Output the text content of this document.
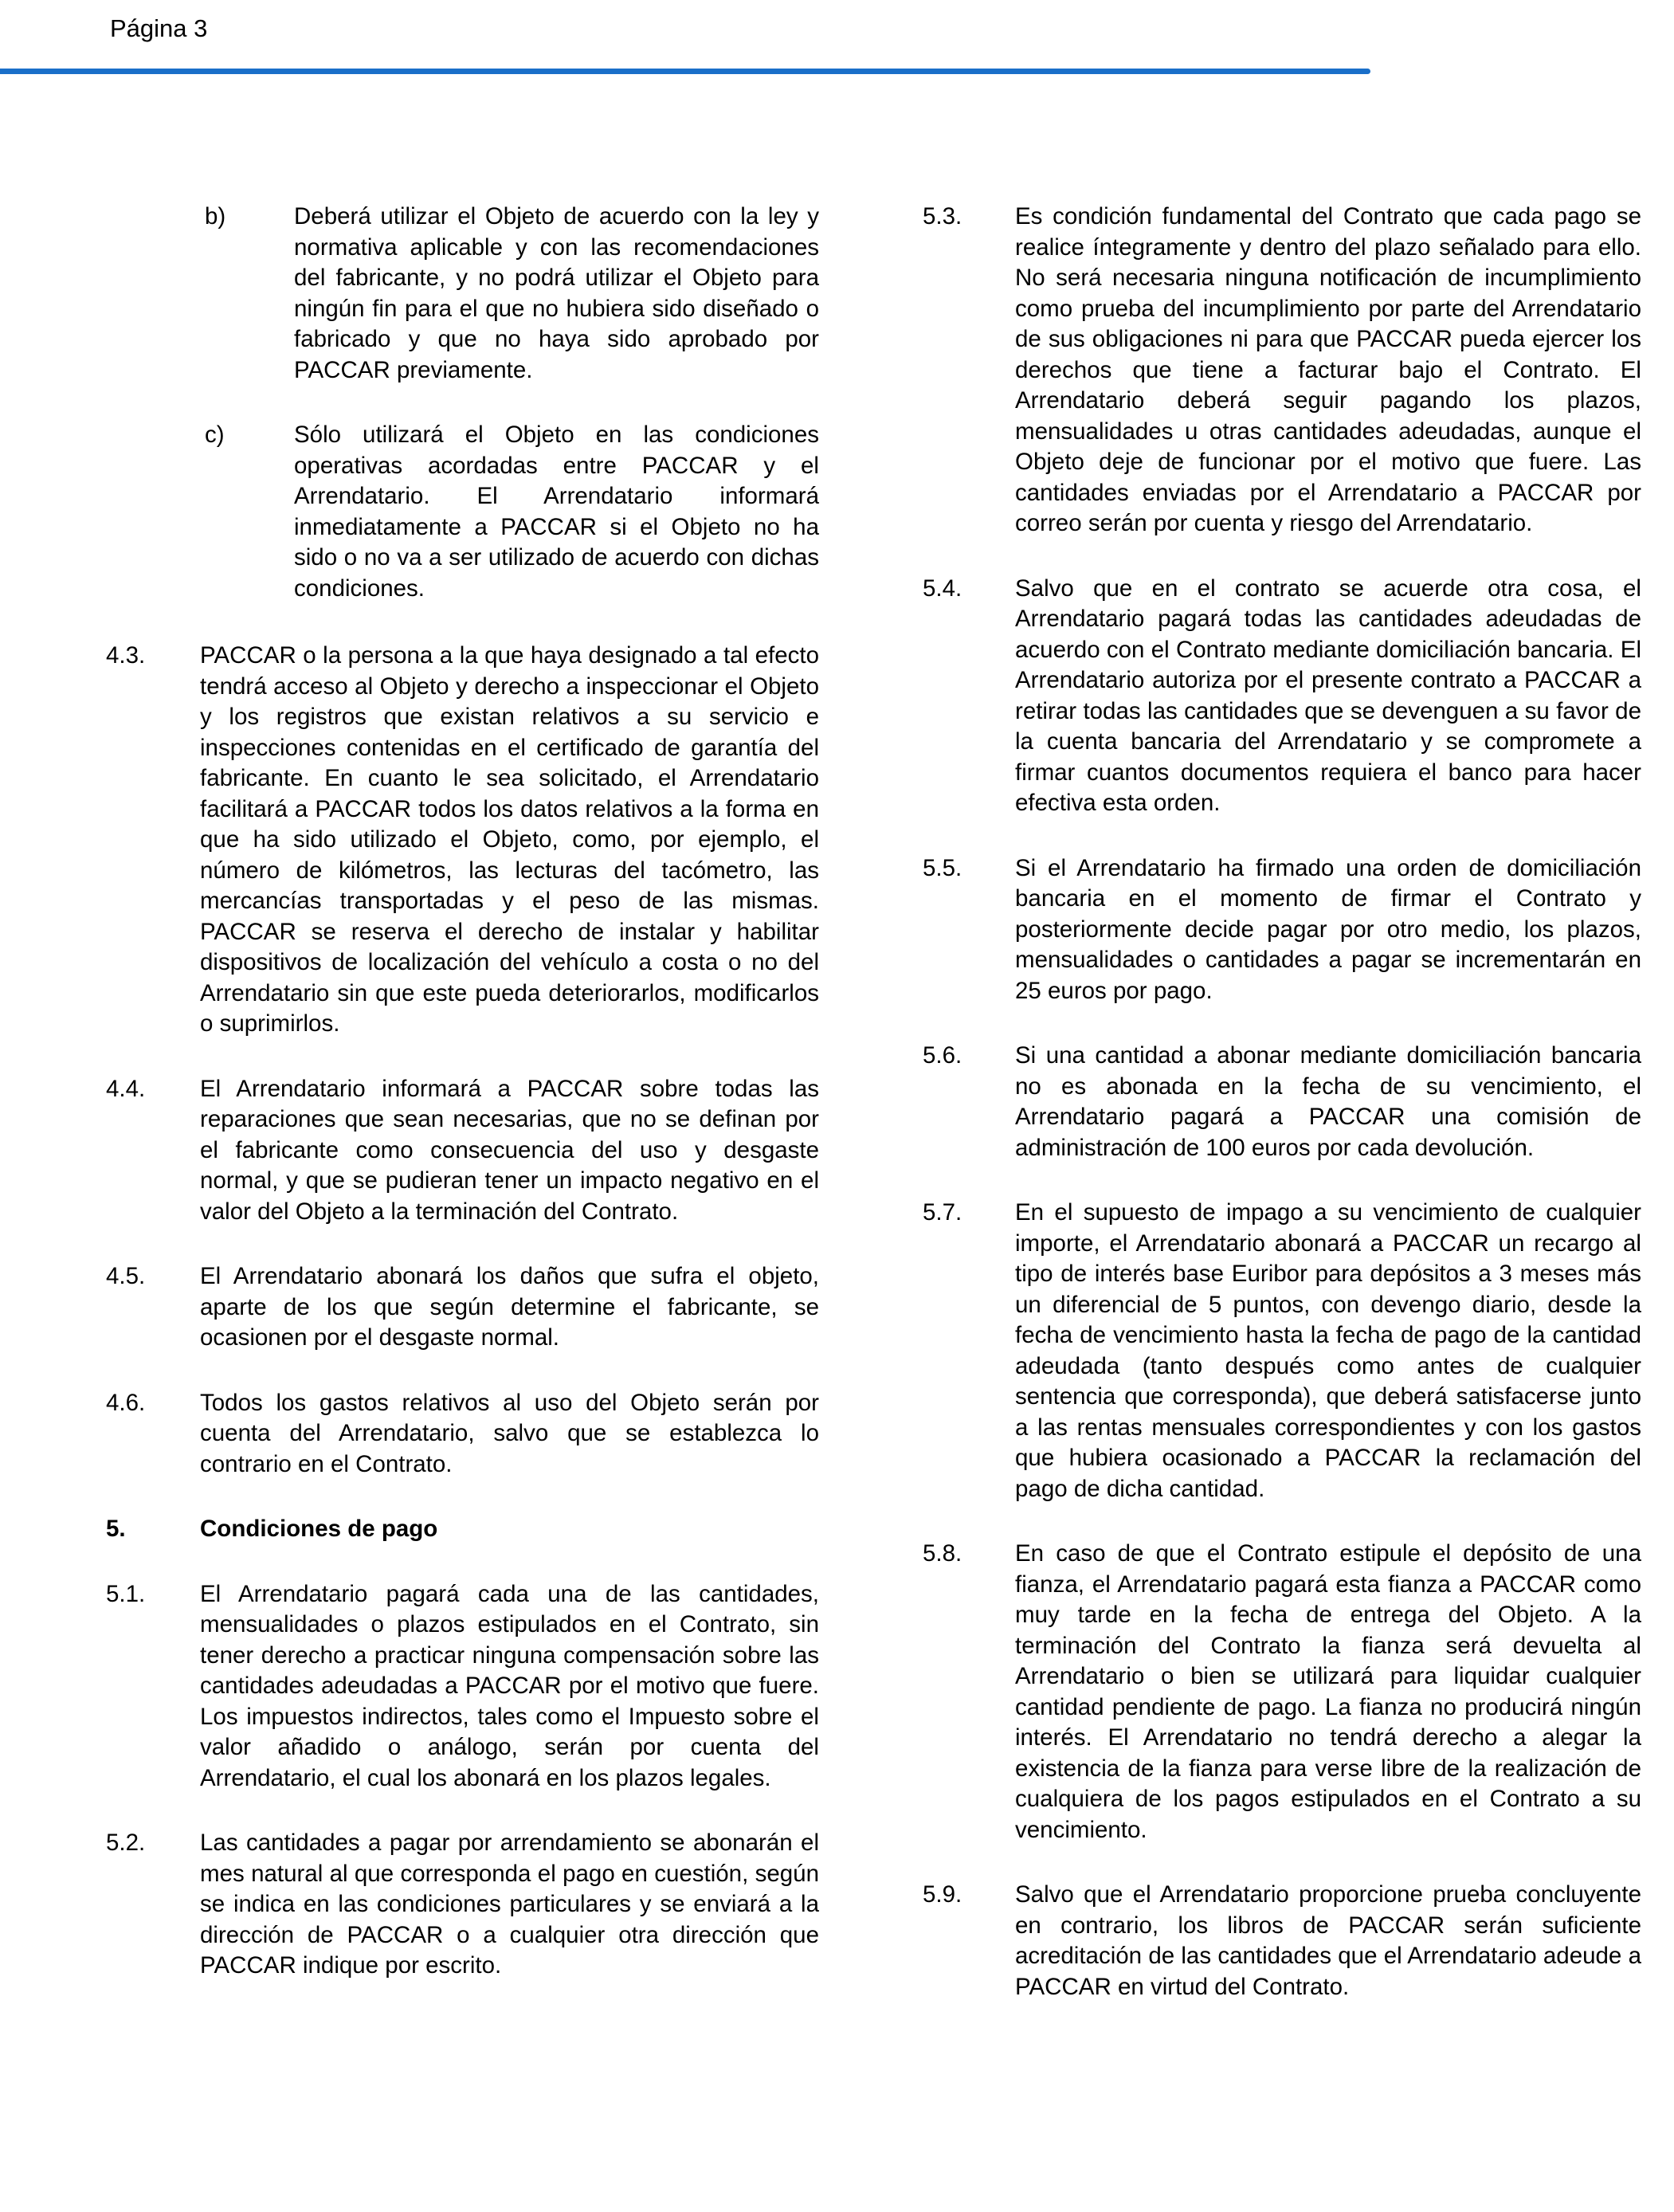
Página 3
b)	Deberá utilizar el Objeto de acuerdo con la ley y normativa aplicable y con las recomendaciones del fabricante, y no podrá utilizar el Objeto para ningún fin para el que no hubiera sido diseñado o fabricado y que no haya sido aprobado por PACCAR previamente.
c)	Sólo utilizará el Objeto en las condiciones operativas acordadas entre PACCAR y el Arrendatario. El Arrendatario informará inmediatamente a PACCAR si el Objeto no ha sido o no va a ser utilizado de acuerdo con dichas condiciones.
4.3.	PACCAR o la persona a la que haya designado a tal efecto tendrá acceso al Objeto y derecho a inspeccionar el Objeto y los registros que existan relativos a su servicio e inspecciones contenidas en el certificado de garantía del fabricante. En cuanto le sea solicitado, el Arrendatario facilitará a PACCAR todos los datos relativos a la forma en que ha sido utilizado el Objeto, como, por ejemplo, el número de kilómetros, las lecturas del tacómetro, las mercancías transportadas y el peso de las mismas. PACCAR se reserva el derecho de instalar y habilitar dispositivos de localización del vehículo a costa o no del Arrendatario sin que este pueda deteriorarlos, modificarlos o suprimirlos.
4.4.	El Arrendatario informará a PACCAR sobre todas las reparaciones que sean necesarias, que no se definan por el fabricante como consecuencia del uso y desgaste normal, y que se pudieran tener un impacto negativo en el valor del Objeto a la terminación del Contrato.
4.5.	El Arrendatario abonará los daños que sufra el objeto, aparte de los que según determine el fabricante, se ocasionen por el desgaste normal.
4.6.	Todos los gastos relativos al uso del Objeto serán por cuenta del Arrendatario, salvo que se establezca lo contrario en el Contrato.
5.	Condiciones de pago
5.1.	El Arrendatario pagará cada una de las cantidades, mensualidades o plazos estipulados en el Contrato, sin tener derecho a practicar ninguna compensación sobre las cantidades adeudadas a PACCAR por el motivo que fuere. Los impuestos indirectos, tales como el Impuesto sobre el valor añadido o análogo, serán por cuenta del Arrendatario, el cual los abonará en los plazos legales.
5.2.	Las cantidades a pagar por arrendamiento se abonarán el mes natural al que corresponda el pago en cuestión, según se indica en las condiciones particulares y se enviará a la dirección de PACCAR o a cualquier otra dirección que PACCAR indique por escrito.
5.3.	Es condición fundamental del Contrato que cada pago se realice íntegramente y dentro del plazo señalado para ello. No será necesaria ninguna notificación de incumplimiento como prueba del incumplimiento por parte del Arrendatario de sus obligaciones ni para que PACCAR pueda ejercer los derechos que tiene a facturar bajo el Contrato. El Arrendatario deberá seguir pagando los plazos, mensualidades u otras cantidades adeudadas, aunque el Objeto deje de funcionar por el motivo que fuere. Las cantidades enviadas por el Arrendatario a PACCAR por correo serán por cuenta y riesgo del Arrendatario.
5.4.	Salvo que en el contrato se acuerde otra cosa, el Arrendatario pagará todas las cantidades adeudadas de acuerdo con el Contrato mediante domiciliación bancaria. El Arrendatario autoriza por el presente contrato a PACCAR a retirar todas las cantidades que se devenguen a su favor de la cuenta bancaria del Arrendatario y se compromete a firmar cuantos documentos requiera el banco para hacer efectiva esta orden.
5.5.	Si el Arrendatario ha firmado una orden de domiciliación bancaria en el momento de firmar el Contrato y posteriormente decide pagar por otro medio, los plazos, mensualidades o cantidades a pagar se incrementarán en 25 euros por pago.
5.6.	Si una cantidad a abonar mediante domiciliación bancaria no es abonada en la fecha de su vencimiento, el Arrendatario pagará a PACCAR una comisión de administración de 100 euros por cada devolución.
5.7.	En el supuesto de impago a su vencimiento de cualquier importe, el Arrendatario abonará a PACCAR un recargo al tipo de interés base Euribor para depósitos a 3 meses más un diferencial de 5 puntos, con devengo diario, desde la fecha de vencimiento hasta la fecha de pago de la cantidad adeudada (tanto después como antes de cualquier sentencia que corresponda), que deberá satisfacerse junto a las rentas mensuales correspondientes y con los gastos que hubiera ocasionado a PACCAR la reclamación del pago de dicha cantidad.
5.8.	En caso de que el Contrato estipule el depósito de una fianza, el Arrendatario pagará esta fianza a PACCAR como muy tarde en la fecha de entrega del Objeto. A la terminación del Contrato la fianza será devuelta al Arrendatario o bien se utilizará para liquidar cualquier cantidad pendiente de pago. La fianza no producirá ningún interés. El Arrendatario no tendrá derecho a alegar la existencia de la fianza para verse libre de la realización de cualquiera de los pagos estipulados en el Contrato a su vencimiento.
5.9.	Salvo que el Arrendatario proporcione prueba concluyente en contrario, los libros de PACCAR serán suficiente acreditación de las cantidades que el Arrendatario adeude a PACCAR en virtud del Contrato.
